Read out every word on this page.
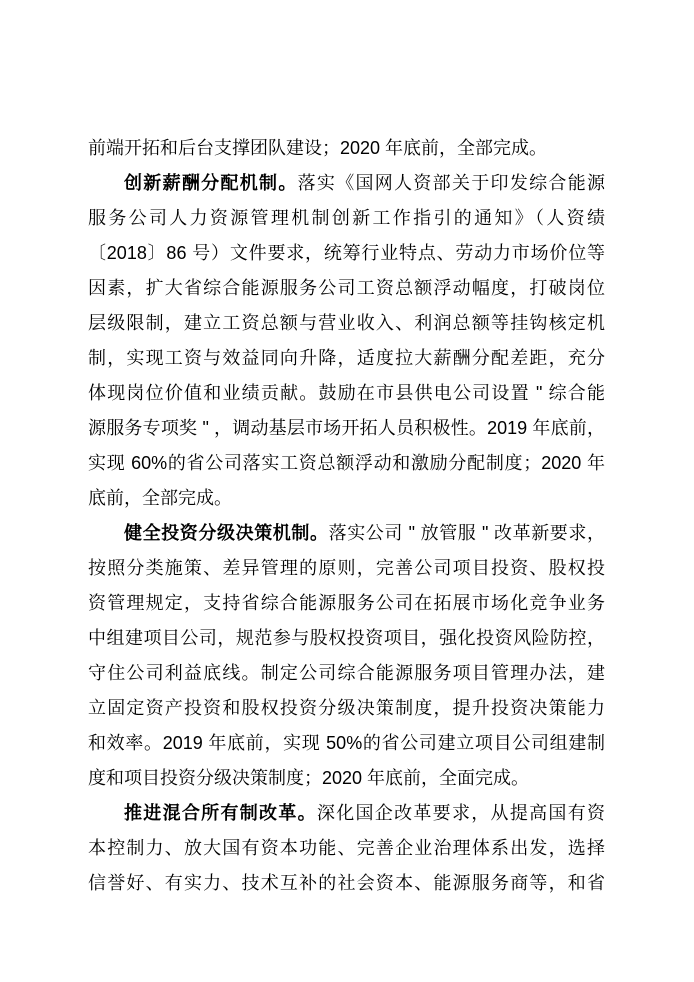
前端开拓和后台支撑团队建设；2020 年底前，全部完成。
创新薪酬分配机制。落实《国网人资部关于印发综合能源
服务公司人力资源管理机制创新工作指引的通知》（人资绩
〔2018〕86 号）文件要求，统筹行业特点、劳动力市场价位等
因素，扩大省综合能源服务公司工资总额浮动幅度，打破岗位
层级限制，建立工资总额与营业收入、利润总额等挂钩核定机
制，实现工资与效益同向升降，适度拉大薪酬分配差距，充分
体现岗位价值和业绩贡献。鼓励在市县供电公司设置 " 综合能
源服务专项奖 " ，调动基层市场开拓人员积极性。2019 年底前，
实现 60%的省公司落实工资总额浮动和激励分配制度；2020 年
底前，全部完成。
健全投资分级决策机制。落实公司 " 放管服 " 改革新要求，
按照分类施策、差异管理的原则，完善公司项目投资、股权投
资管理规定，支持省综合能源服务公司在拓展市场化竞争业务
中组建项目公司，规范参与股权投资项目，强化投资风险防控，
守住公司利益底线。制定公司综合能源服务项目管理办法，建
立固定资产投资和股权投资分级决策制度，提升投资决策能力
和效率。2019 年底前，实现 50%的省公司建立项目公司组建制
度和项目投资分级决策制度；2020 年底前，全面完成。
推进混合所有制改革。深化国企改革要求，从提高国有资
本控制力、放大国有资本功能、完善企业治理体系出发，选择
信誉好、有实力、技术互补的社会资本、能源服务商等，和省
